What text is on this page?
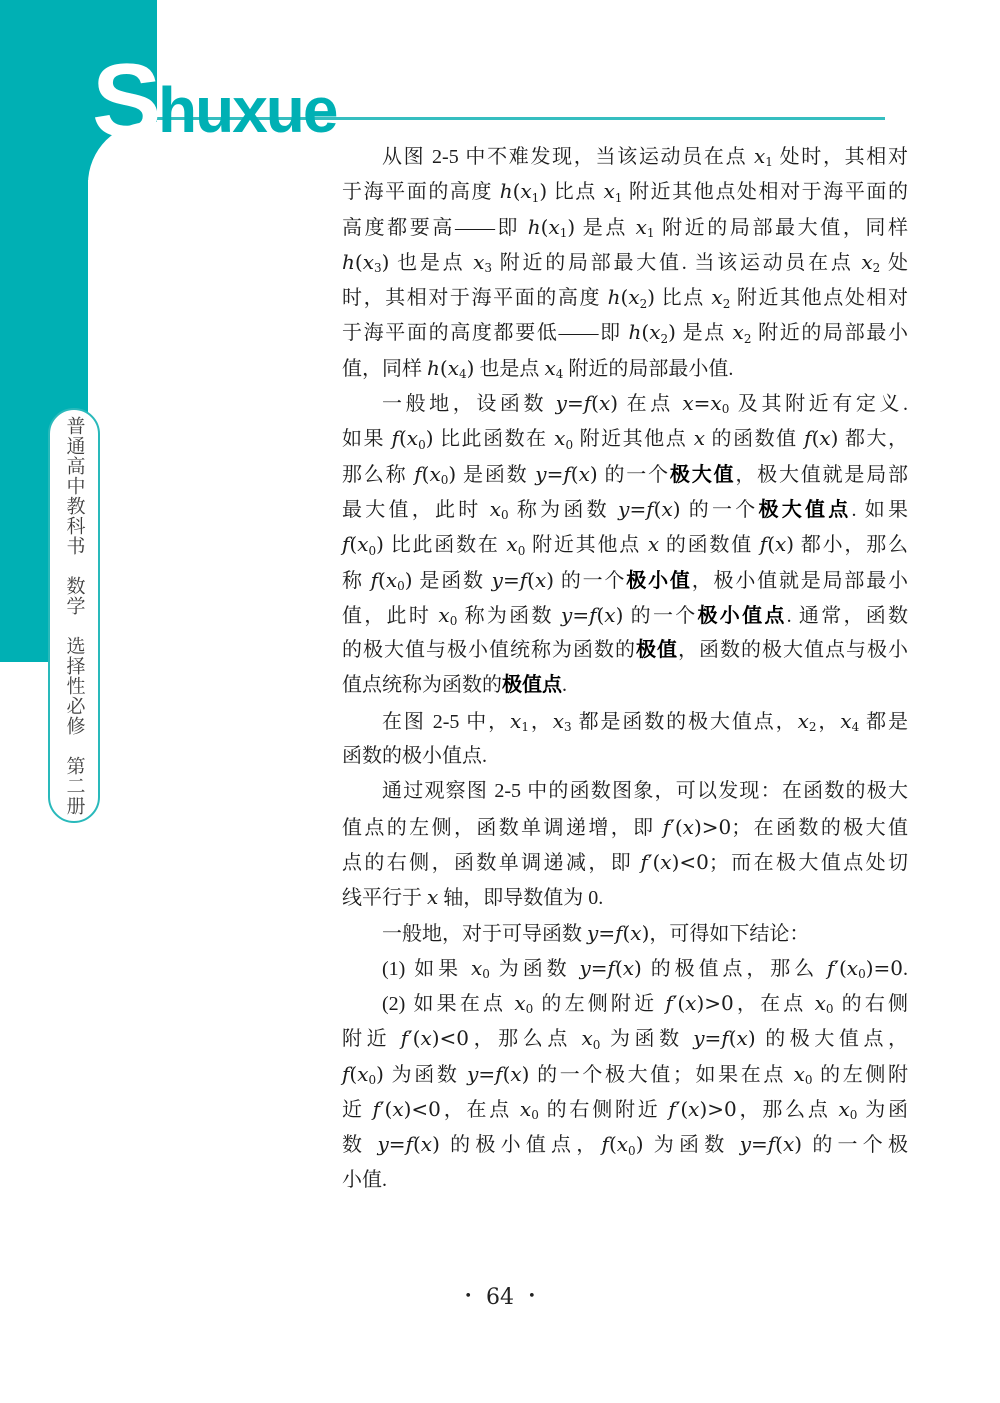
S
huxue
普通高中教科书　数学　选择性必修　第二册
从图 2-5 中不难发现，当该运动员在点 $x_1$ 处时，其相对
于海平面的高度 $h(x_1)$ 比点 $x_1$ 附近其他点处相对于海平面的
高度都要高——即 $h(x_1)$ 是点 $x_1$ 附近的局部最大值，同样
$h(x_3)$ 也是点 $x_3$ 附近的局部最大值. 当该运动员在点 $x_2$ 处
时，其相对于海平面的高度 $h(x_2)$ 比点 $x_2$ 附近其他点处相对
于海平面的高度都要低——即 $h(x_2)$ 是点 $x_2$ 附近的局部最小
值，同样 $h(x_4)$ 也是点 $x_4$ 附近的局部最小值.
一般地，设函数 y=f(x) 在点 $x=x_0$ 及其附近有定义.
如果 $f(x_0)$ 比此函数在 $x_0$ 附近其他点 x 的函数值 f(x) 都大，
那么称 $f(x_0)$ 是函数 y=f(x) 的一个极大值，极大值就是局部
最大值，此时 $x_0$ 称为函数 y=f(x) 的一个极大值点. 如果
$f(x_0)$ 比此函数在 $x_0$ 附近其他点 x 的函数值 f(x) 都小，那么
称 $f(x_0)$ 是函数 y=f(x) 的一个极小值，极小值就是局部最小
值，此时 $x_0$ 称为函数 y=f(x) 的一个极小值点. 通常，函数
的极大值与极小值统称为函数的极值，函数的极大值点与极小
值点统称为函数的极值点.
在图 2-5 中，$x_1$，$x_3$ 都是函数的极大值点，$x_2$，$x_4$ 都是
函数的极小值点.
通过观察图 2-5 中的函数图象，可以发现：在函数的极大
值点的左侧，函数单调递增，即 f′(x)>0；在函数的极大值
点的右侧，函数单调递减，即 f′(x)<0；而在极大值点处切
线平行于 x 轴，即导数值为 0.
一般地，对于可导函数 y=f(x)，可得如下结论：
(1) 如果 $x_0$ 为函数 y=f(x) 的极值点，那么 $f'(x_0)=0$.
(2) 如果在点 $x_0$ 的左侧附近 f′(x)>0，在点 $x_0$ 的右侧
附近 f′(x)<0，那么点 $x_0$ 为函数 y=f(x) 的极大值点，
$f(x_0)$ 为函数 y=f(x) 的一个极大值；如果在点 $x_0$ 的左侧附
近 f′(x)<0，在点 $x_0$ 的右侧附近 f′(x)>0，那么点 $x_0$ 为函
数 y=f(x) 的极小值点，$f(x_0)$ 为函数 y=f(x) 的一个极
小值.
• 64 •
